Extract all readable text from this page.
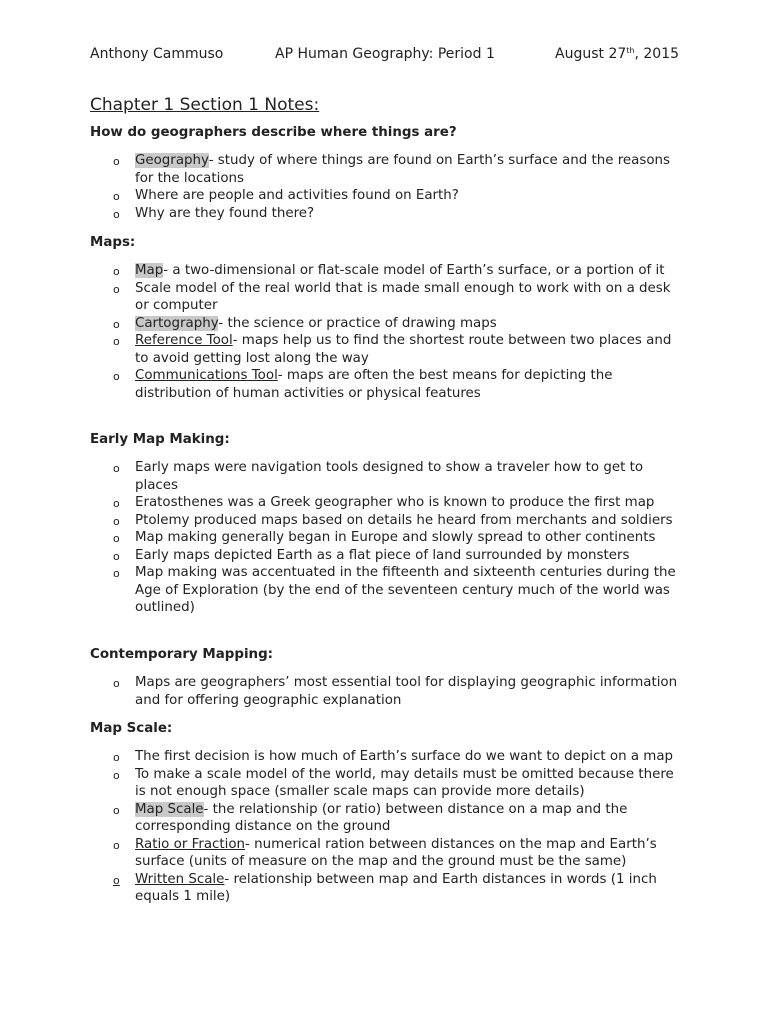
Anthony Cammuso	AP Human Geography: Period 1	August 27th, 2015
Chapter 1 Section 1 Notes:
How do geographers describe where things are?
o Geography- study of where things are found on Earth’s surface and the reasons for the locations
o Where are people and activities found on Earth?
o Why are they found there?
Maps:
o Map- a two-dimensional or flat-scale model of Earth’s surface, or a portion of it
o Scale model of the real world that is made small enough to work with on a desk or computer
o Cartography- the science or practice of drawing maps
o Reference Tool- maps help us to find the shortest route between two places and to avoid getting lost along the way
o Communications Tool- maps are often the best means for depicting the distribution of human activities or physical features
Early Map Making:
o Early maps were navigation tools designed to show a traveler how to get to places
o Eratosthenes was a Greek geographer who is known to produce the first map
o Ptolemy produced maps based on details he heard from merchants and soldiers
o Map making generally began in Europe and slowly spread to other continents
o Early maps depicted Earth as a flat piece of land surrounded by monsters
o Map making was accentuated in the fifteenth and sixteenth centuries during the Age of Exploration (by the end of the seventeen century much of the world was outlined)
Contemporary Mapping:
o Maps are geographers’ most essential tool for displaying geographic information and for offering geographic explanation
Map Scale:
o The first decision is how much of Earth’s surface do we want to depict on a map
o To make a scale model of the world, may details must be omitted because there is not enough space (smaller scale maps can provide more details)
o Map Scale- the relationship (or ratio) between distance on a map and the corresponding distance on the ground
o Ratio or Fraction- numerical ration between distances on the map and Earth’s surface (units of measure on the map and the ground must be the same)
o Written Scale- relationship between map and Earth distances in words (1 inch equals 1 mile)
